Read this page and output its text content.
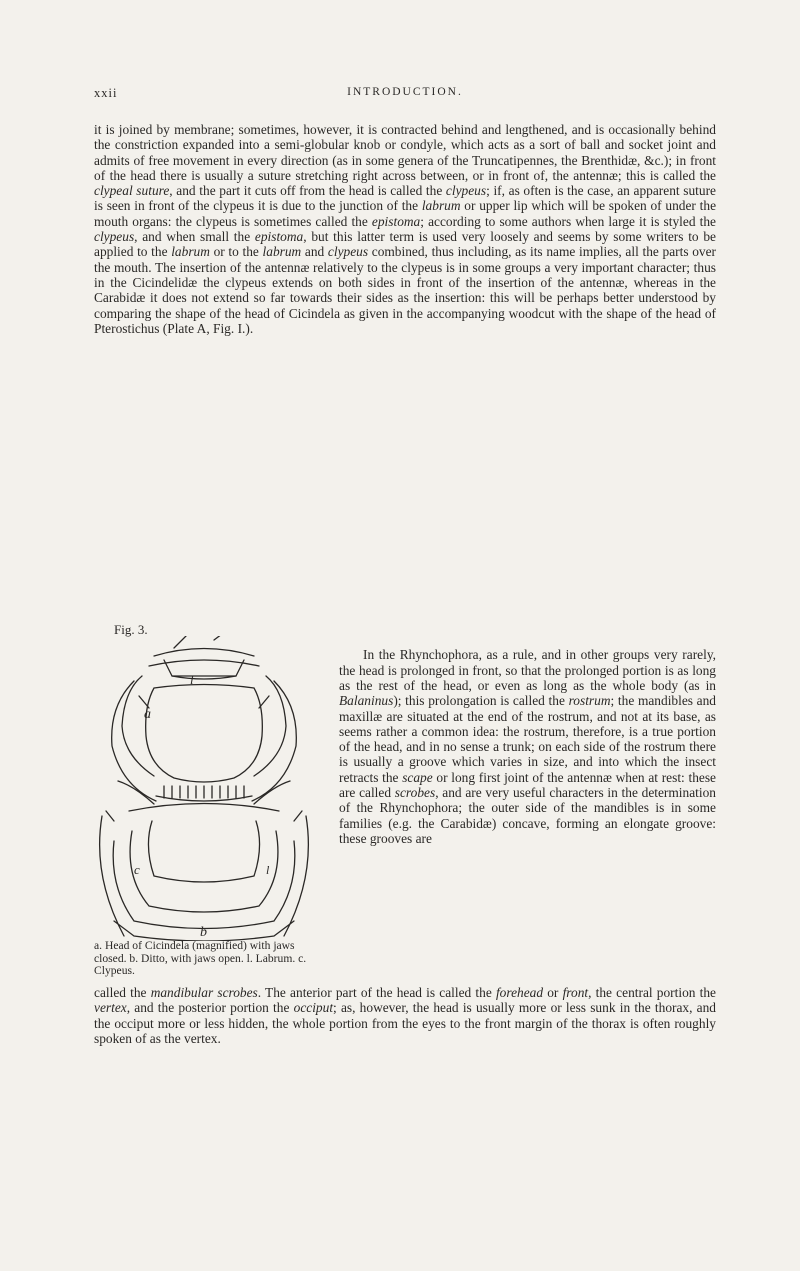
xxii	INTRODUCTION.

it is joined by membrane; sometimes, however, it is contracted behind and lengthened, and is occasionally behind the constriction expanded into a semi-globular knob or condyle, which acts as a sort of ball and socket joint and admits of free movement in every direction (as in some genera of the Truncatipennes, the Brenthidæ, &c.); in front of the head there is usually a suture stretching right across between, or in front of, the antennæ; this is called the clypeal suture, and the part it cuts off from the head is called the clypeus; if, as often is the case, an apparent suture is seen in front of the clypeus it is due to the junction of the labrum or upper lip which will be spoken of under the mouth organs: the clypeus is sometimes called the epistoma; according to some authors when large it is styled the clypeus, and when small the epistoma, but this latter term is used very loosely and seems by some writers to be applied to the labrum or to the labrum and clypeus combined, thus including, as its name implies, all the parts over the mouth. The insertion of the antennæ relatively to the clypeus is in some groups a very important character; thus in the Cicindelidæ the clypeus extends on both sides in front of the insertion of the antennæ, whereas in the Carabidæ it does not extend so far towards their sides as the insertion: this will be perhaps better understood by comparing the shape of the head of Cicindela as given in the accompanying woodcut with the shape of the head of Pterostichus (Plate A, Fig. I.).

Fig. 3.
a
l
c
b
l
a. Head of Cicindela (magnified) with jaws closed. b. Ditto, with jaws open. l. Labrum. c. Clypeus.

In the Rhynchophora, as a rule, and in other groups very rarely, the head is prolonged in front, so that the prolonged portion is as long as the rest of the head, or even as long as the whole body (as in Balaninus); this prolongation is called the rostrum; the mandibles and maxillæ are situated at the end of the rostrum, and not at its base, as seems rather a common idea: the rostrum, therefore, is a true portion of the head, and in no sense a trunk; on each side of the rostrum there is usually a groove which varies in size, and into which the insect retracts the scape or long first joint of the antennæ when at rest: these are called scrobes, and are very useful characters in the determination of the Rhynchophora; the outer side of the mandibles is in some families (e.g. the Carabidæ) concave, forming an elongate groove: these grooves are

called the mandibular scrobes. The anterior part of the head is called the forehead or front, the central portion the vertex, and the posterior portion the occiput; as, however, the head is usually more or less sunk in the thorax, and the occiput more or less hidden, the whole portion from the eyes to the front margin of the thorax is often roughly spoken of as the vertex.
